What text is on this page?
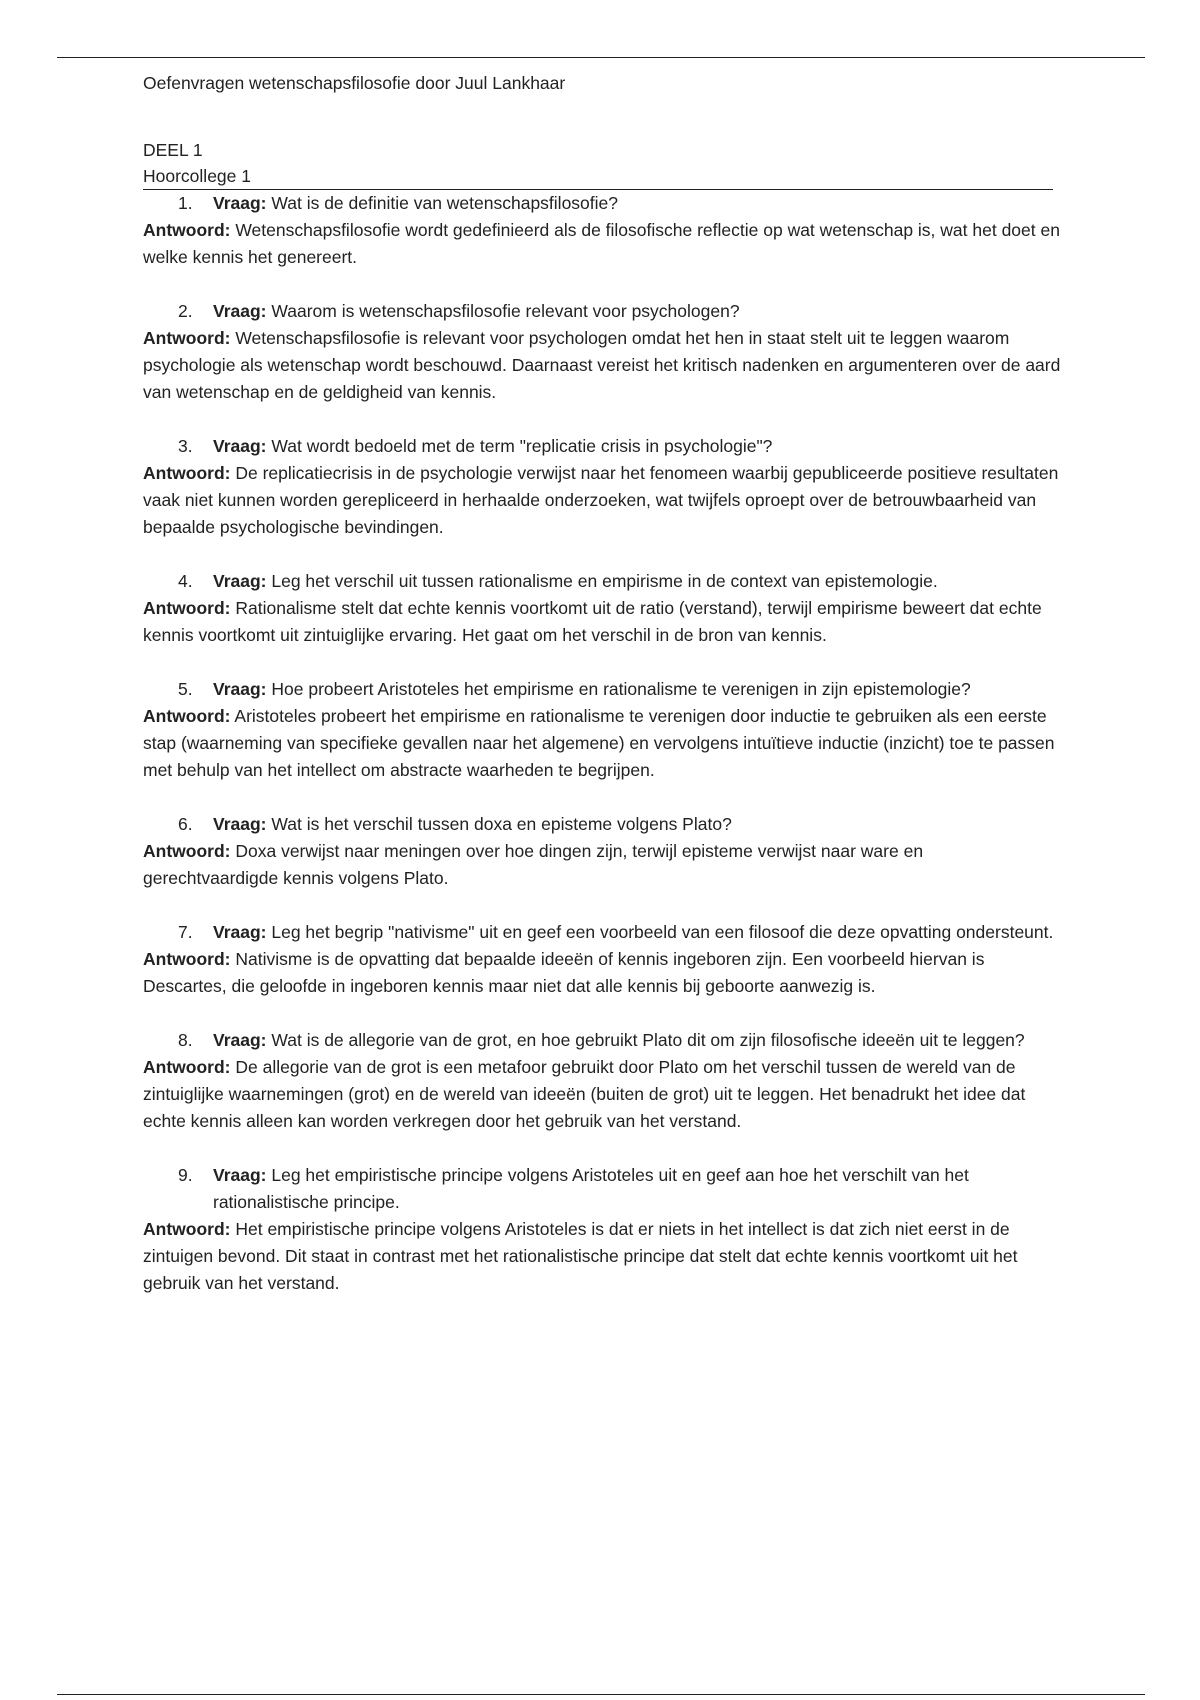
Oefenvragen wetenschapsfilosofie door Juul Lankhaar

DEEL 1
Hoorcollege 1
1.	Vraag: Wat is de definitie van wetenschapsfilosofie?
Antwoord: Wetenschapsfilosofie wordt gedefinieerd als de filosofische reflectie op wat wetenschap is, wat het doet en welke kennis het genereert.
2.	Vraag: Waarom is wetenschapsfilosofie relevant voor psychologen?
Antwoord: Wetenschapsfilosofie is relevant voor psychologen omdat het hen in staat stelt uit te leggen waarom psychologie als wetenschap wordt beschouwd. Daarnaast vereist het kritisch nadenken en argumenteren over de aard van wetenschap en de geldigheid van kennis.
3.	Vraag: Wat wordt bedoeld met de term "replicatie crisis in psychologie"?
Antwoord: De replicatiecrisis in de psychologie verwijst naar het fenomeen waarbij gepubliceerde positieve resultaten vaak niet kunnen worden gerepliceerd in herhaalde onderzoeken, wat twijfels oproept over de betrouwbaarheid van bepaalde psychologische bevindingen.
4.	Vraag: Leg het verschil uit tussen rationalisme en empirisme in de context van epistemologie.
Antwoord: Rationalisme stelt dat echte kennis voortkomt uit de ratio (verstand), terwijl empirisme beweert dat echte kennis voortkomt uit zintuiglijke ervaring. Het gaat om het verschil in de bron van kennis.
5.	Vraag: Hoe probeert Aristoteles het empirisme en rationalisme te verenigen in zijn epistemologie?
Antwoord: Aristoteles probeert het empirisme en rationalisme te verenigen door inductie te gebruiken als een eerste stap (waarneming van specifieke gevallen naar het algemene) en vervolgens intuïtieve inductie (inzicht) toe te passen met behulp van het intellect om abstracte waarheden te begrijpen.
6.	Vraag: Wat is het verschil tussen doxa en episteme volgens Plato?
Antwoord: Doxa verwijst naar meningen over hoe dingen zijn, terwijl episteme verwijst naar ware en gerechtvaardigde kennis volgens Plato.
7.	Vraag: Leg het begrip "nativisme" uit en geef een voorbeeld van een filosoof die deze opvatting ondersteunt.
Antwoord: Nativisme is de opvatting dat bepaalde ideeën of kennis ingeboren zijn. Een voorbeeld hiervan is Descartes, die geloofde in ingeboren kennis maar niet dat alle kennis bij geboorte aanwezig is.
8.	Vraag: Wat is de allegorie van de grot, en hoe gebruikt Plato dit om zijn filosofische ideeën uit te leggen?
Antwoord: De allegorie van de grot is een metafoor gebruikt door Plato om het verschil tussen de wereld van de zintuiglijke waarnemingen (grot) en de wereld van ideeën (buiten de grot) uit te leggen. Het benadrukt het idee dat echte kennis alleen kan worden verkregen door het gebruik van het verstand.
9.	Vraag: Leg het empiristische principe volgens Aristoteles uit en geef aan hoe het verschilt van het rationalistische principe.
Antwoord: Het empiristische principe volgens Aristoteles is dat er niets in het intellect is dat zich niet eerst in de zintuigen bevond. Dit staat in contrast met het rationalistische principe dat stelt dat echte kennis voortkomt uit het gebruik van het verstand.
